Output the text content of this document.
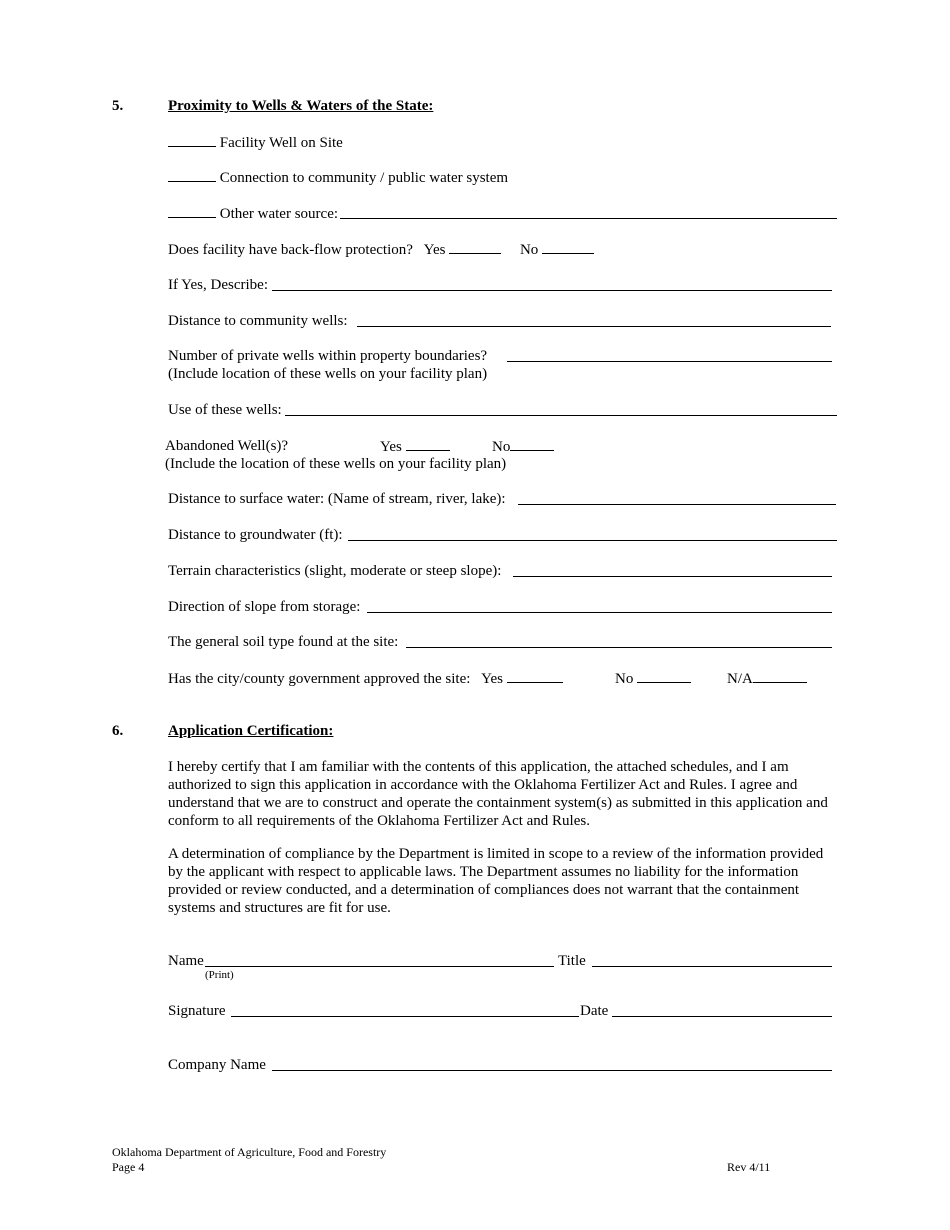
5.	Proximity to Wells & Waters of the State:
Facility Well on Site
Connection to community / public water system
Other water source:
Does facility have back-flow protection? Yes	No
If Yes, Describe:
Distance to community wells:
Number of private wells within property boundaries?
(Include location of these wells on your facility plan)
Use of these wells:
Abandoned Well(s)?	Yes	No
(Include the location of these wells on your facility plan)
Distance to surface water: (Name of stream, river, lake):
Distance to groundwater (ft):
Terrain characteristics (slight, moderate or steep slope):
Direction of slope from storage:
The general soil type found at the site:
Has the city/county government approved the site: Yes	No	N/A
6.	Application Certification:
I hereby certify that I am familiar with the contents of this application, the attached schedules, and I am authorized to sign this application in accordance with the Oklahoma Fertilizer Act and Rules. I agree and understand that we are to construct and operate the containment system(s) as submitted in this application and conform to all requirements of the Oklahoma Fertilizer Act and Rules.
A determination of compliance by the Department is limited in scope to a review of the information provided by the applicant with respect to applicable laws. The Department assumes no liability for the information provided or review conducted, and a determination of compliances does not warrant that the containment systems and structures are fit for use.
Name
(Print)
Title
Signature	Date
Company Name
Oklahoma Department of Agriculture, Food and Forestry
Page 4	Rev 4/11
